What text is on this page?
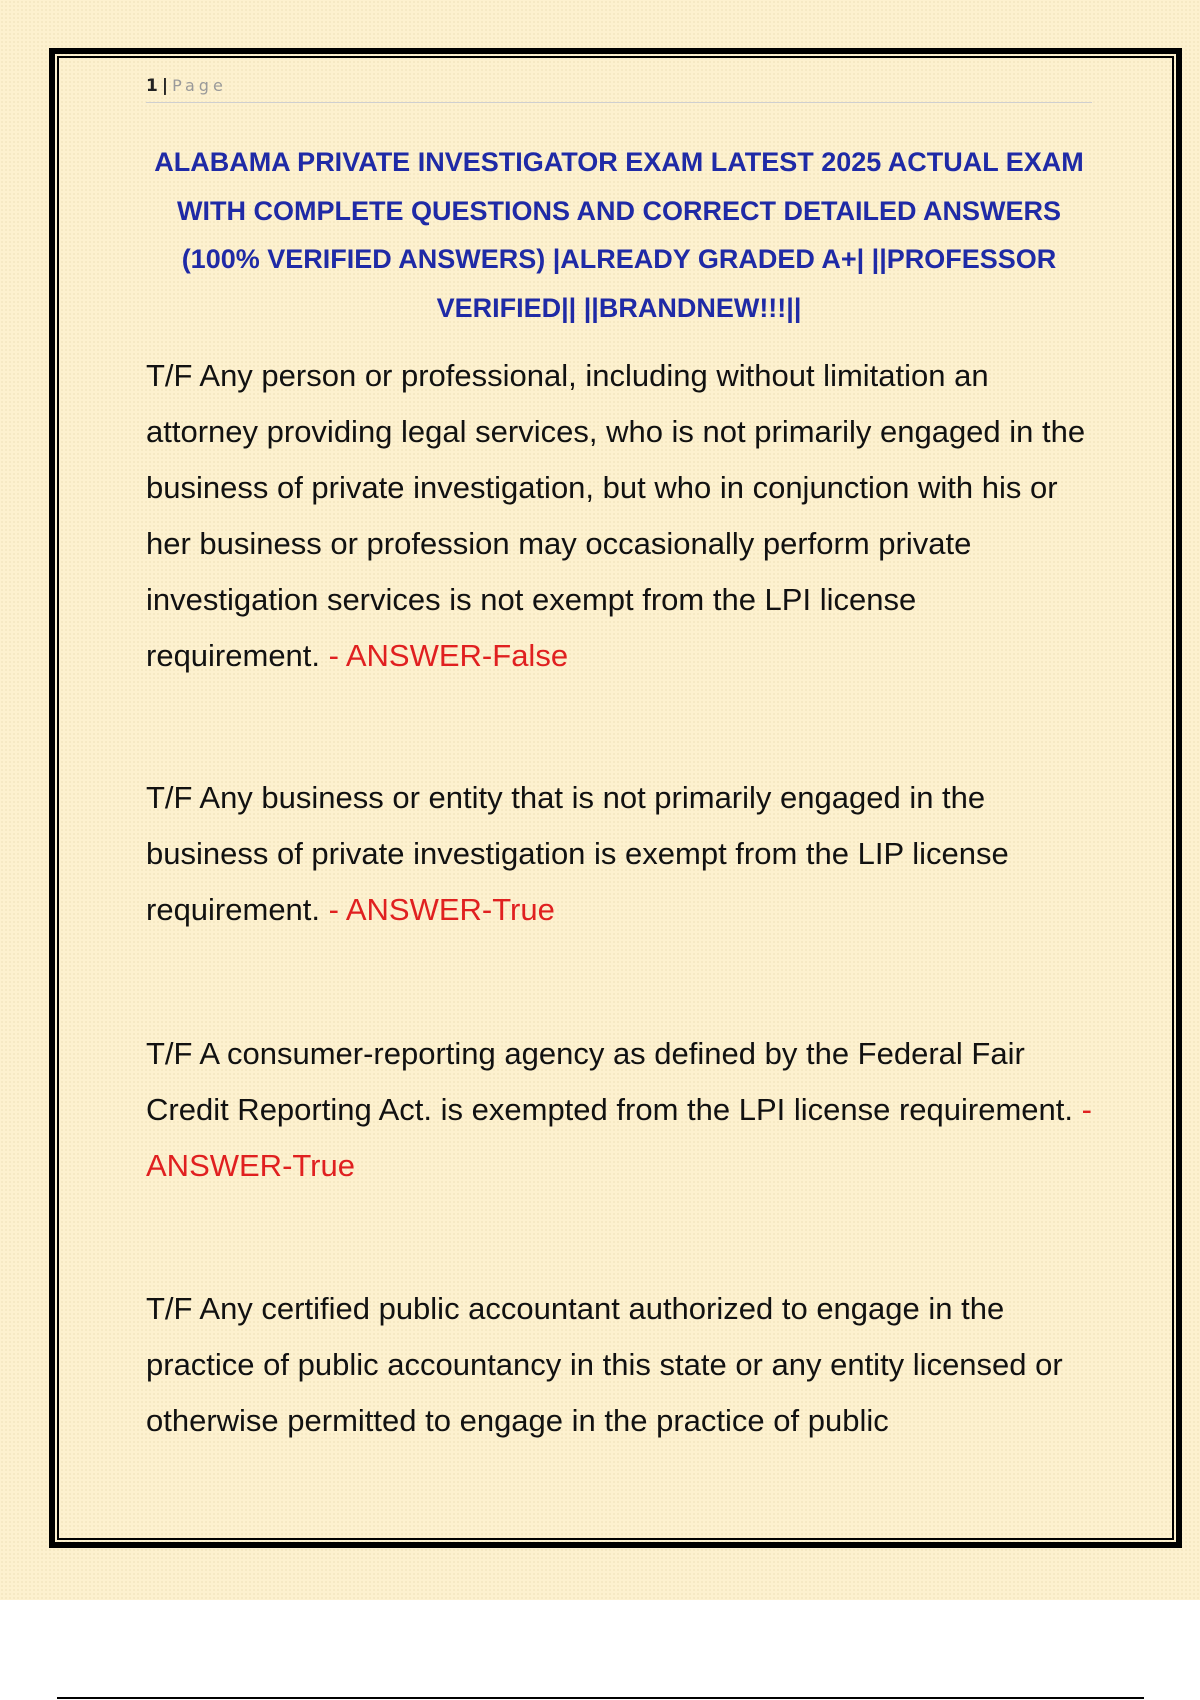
1 | Page
ALABAMA PRIVATE INVESTIGATOR EXAM LATEST 2025 ACTUAL EXAM WITH COMPLETE QUESTIONS AND CORRECT DETAILED ANSWERS (100% VERIFIED ANSWERS) |ALREADY GRADED A+| ||PROFESSOR VERIFIED|| ||BRANDNEW!!!||
T/F Any person or professional, including without limitation an attorney providing legal services, who is not primarily engaged in the business of private investigation, but who in conjunction with his or her business or profession may occasionally perform private investigation services is not exempt from the LPI license requirement. - ANSWER-False
T/F Any business or entity that is not primarily engaged in the business of private investigation is exempt from the LIP license requirement. - ANSWER-True
T/F A consumer-reporting agency as defined by the Federal Fair Credit Reporting Act. is exempted from the LPI license requirement. - ANSWER-True
T/F Any certified public accountant authorized to engage in the practice of public accountancy in this state or any entity licensed or otherwise permitted to engage in the practice of public
